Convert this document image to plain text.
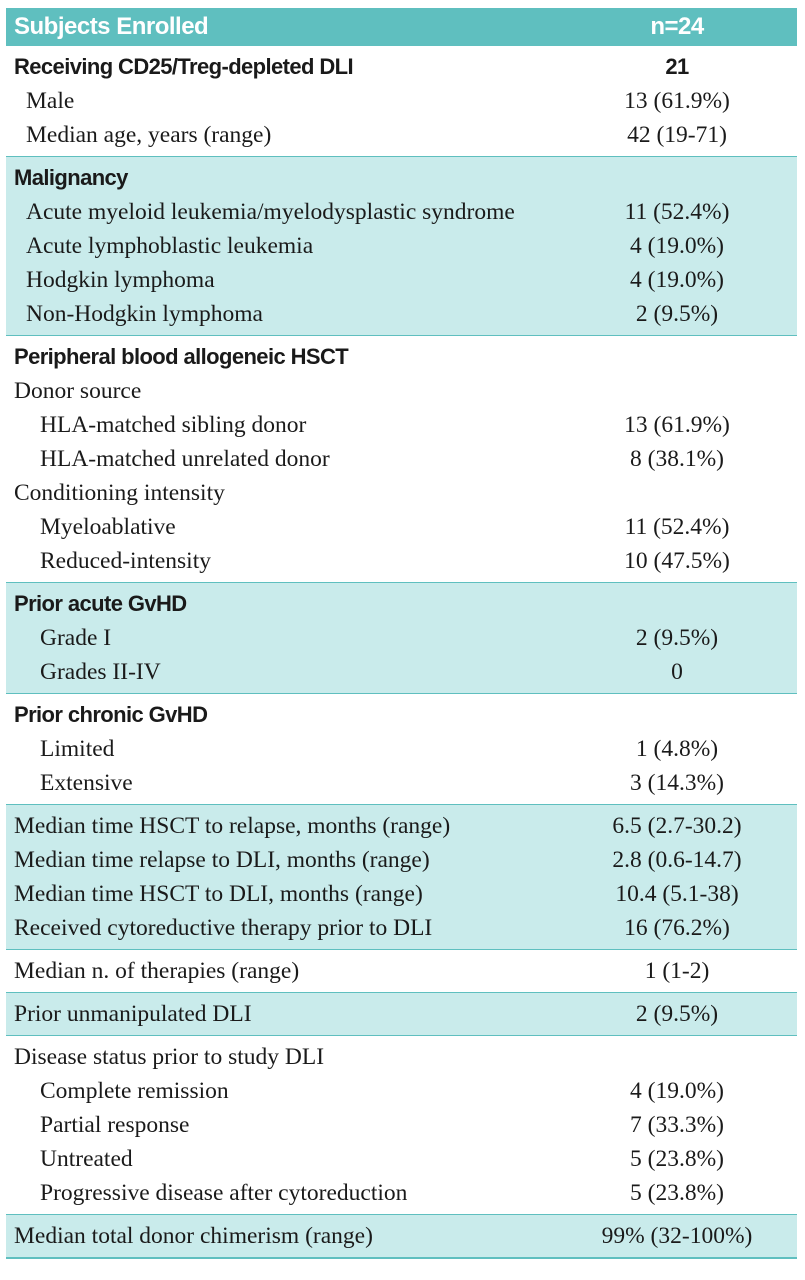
Subjects Enrolled	n=24
Receiving CD25/Treg-depleted DLI	21
Male	13 (61.9%)
Median age, years (range)	42 (19-71)
Malignancy
Acute myeloid leukemia/myelodysplastic syndrome	11 (52.4%)
Acute lymphoblastic leukemia	4 (19.0%)
Hodgkin lymphoma	4 (19.0%)
Non-Hodgkin lymphoma	2 (9.5%)
Peripheral blood allogeneic HSCT
Donor source
HLA-matched sibling donor	13 (61.9%)
HLA-matched unrelated donor	8 (38.1%)
Conditioning intensity
Myeloablative	11 (52.4%)
Reduced-intensity	10 (47.5%)
Prior acute GvHD
Grade I	2 (9.5%)
Grades II-IV	0
Prior chronic GvHD
Limited	1 (4.8%)
Extensive	3 (14.3%)
Median time HSCT to relapse, months (range)	6.5 (2.7-30.2)
Median time relapse to DLI, months (range)	2.8 (0.6-14.7)
Median time HSCT to DLI, months (range)	10.4 (5.1-38)
Received cytoreductive therapy prior to DLI	16 (76.2%)
Median n. of therapies (range)	1 (1-2)
Prior unmanipulated DLI	2 (9.5%)
Disease status prior to study DLI
Complete remission	4 (19.0%)
Partial response	7 (33.3%)
Untreated	5 (23.8%)
Progressive disease after cytoreduction	5 (23.8%)
Median total donor chimerism (range)	99% (32-100%)
